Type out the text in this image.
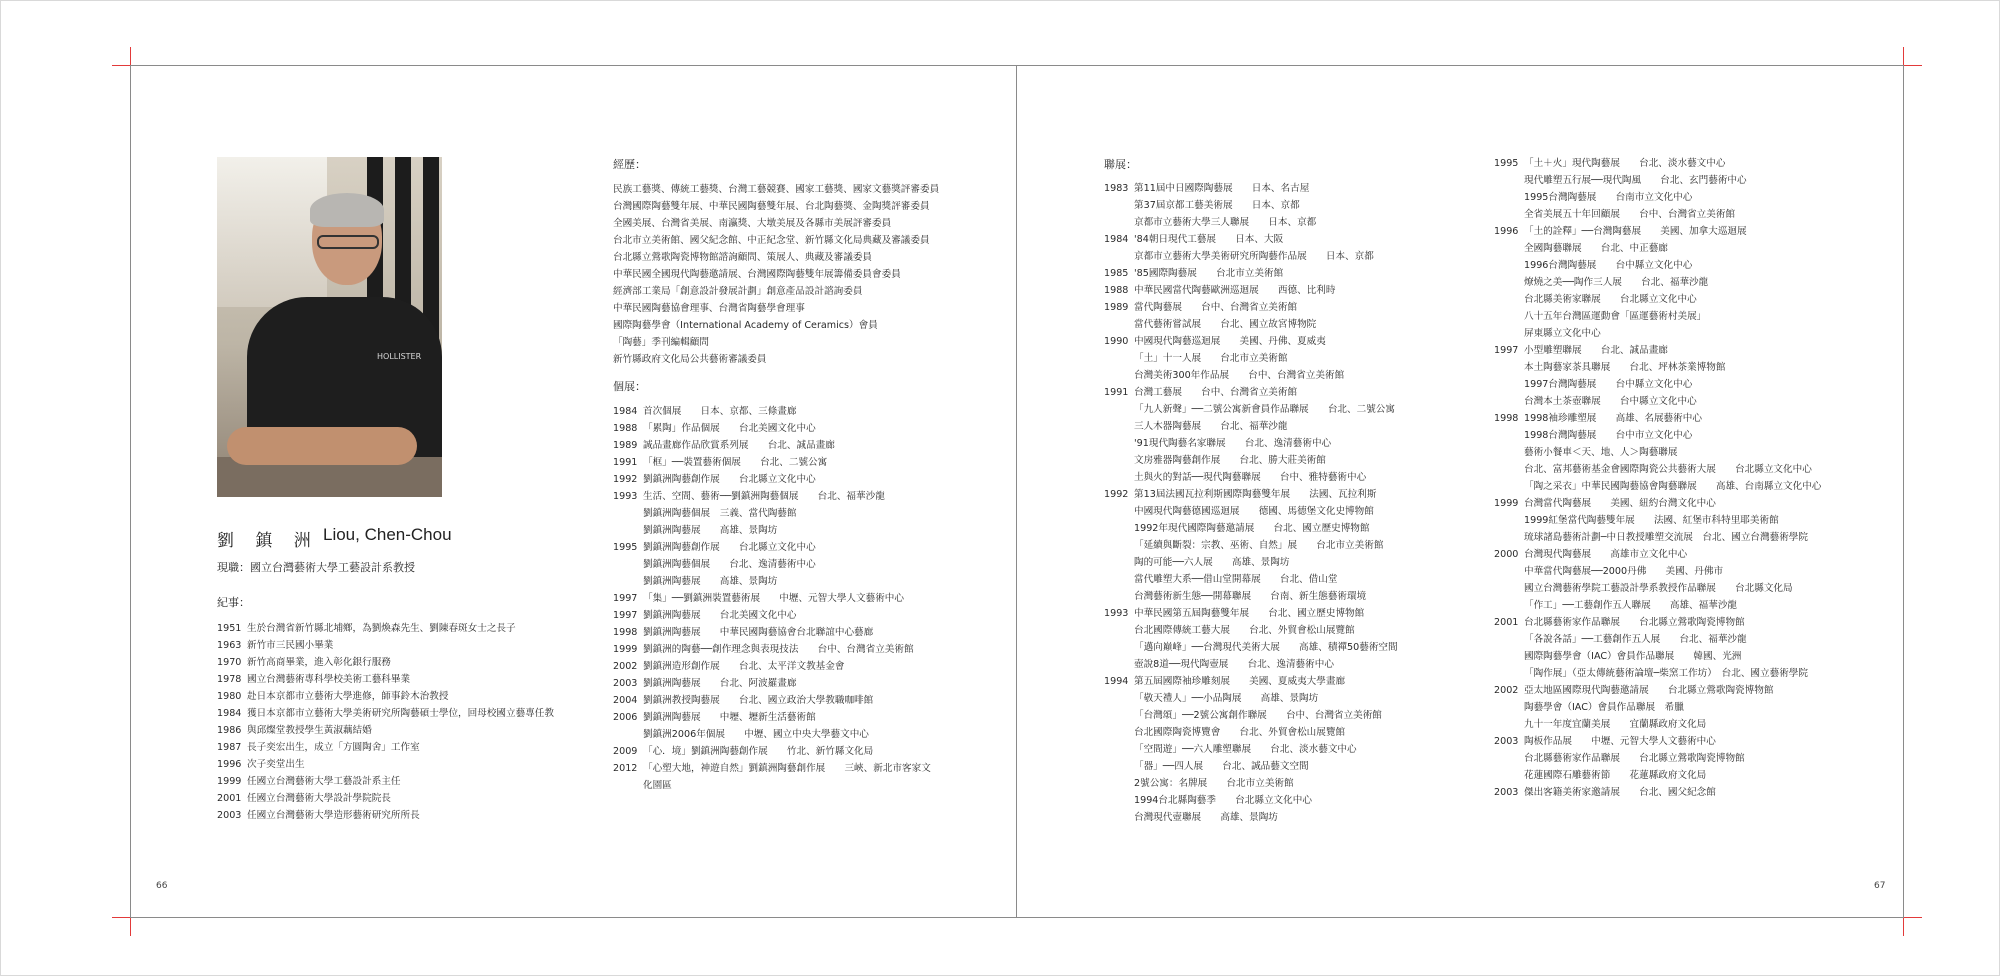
HOLLISTER
劉 鎮 洲 Liou, Chen-Chou
現職：國立台灣藝術大學工藝設計系教授
紀事：
1951 生於台灣省新竹縣北埔鄉，為劉煥森先生、劉陳春斑女士之長子
1963 新竹市三民國小畢業
1970 新竹高商畢業，進入彰化銀行服務
1978 國立台灣藝術專科學校美術工藝科畢業
1980 赴日本京都市立藝術大學進修，師事鈴木治教授
1984 獲日本京都市立藝術大學美術研究所陶藝碩士學位，回母校國立藝專任教
1986 與邱燦堂教授學生黃淑藕結婚
1987 長子奕宏出生，成立「方圓陶舍」工作室
1996 次子奕堂出生
1999 任國立台灣藝術大學工藝設計系主任
2001 任國立台灣藝術大學設計學院院長
2003 任國立台灣藝術大學造形藝術研究所所長
經歷：
民族工藝獎、傳統工藝獎、台灣工藝競賽、國家工藝獎、國家文藝獎評審委員
台灣國際陶藝雙年展、中華民國陶藝雙年展、台北陶藝獎、金陶獎評審委員
全國美展、台灣省美展、南瀛獎、大墩美展及各縣市美展評審委員
台北市立美術館、國父紀念館、中正紀念堂、新竹縣文化局典藏及審議委員
台北縣立鶯歌陶瓷博物館諮詢顧問、策展人、典藏及審議委員
中華民國全國現代陶藝邀請展、台灣國際陶藝雙年展籌備委員會委員
經濟部工業局「創意設計發展計劃」創意產品設計諮詢委員
中華民國陶藝協會理事、台灣省陶藝學會理事
國際陶藝學會（International Academy of Ceramics）會員
「陶藝」季刊編輯顧問
新竹縣政府文化局公共藝術審議委員
個展：
1984 首次個展　　日本、京都、三條畫廊
1988 「累陶」作品個展　　台北美國文化中心
1989 誠品畫廊作品欣賞系列展　　台北、誠品畫廊
1991 「框」──裝置藝術個展　　台北、二號公寓
1992 劉鎮洲陶藝創作展　　台北縣立文化中心
1993 生活、空間、藝術──劉鎮洲陶藝個展　　台北、福華沙龍
劉鎮洲陶藝個展　三義、當代陶藝館
劉鎮洲陶藝展　　高雄、景陶坊
1995 劉鎮洲陶藝創作展　　台北縣立文化中心
劉鎮洲陶藝個展　　台北、逸清藝術中心
劉鎮洲陶藝展　　高雄、景陶坊
1997 「集」──劉鎮洲裝置藝術展　　中壢、元智大學人文藝術中心
1997 劉鎮洲陶藝展　　台北美國文化中心
1998 劉鎮洲陶藝展　　中華民國陶藝協會台北聯誼中心藝廊
1999 劉鎮洲的陶藝──創作理念與表現技法　　台中、台灣省立美術館
2002 劉鎮洲造形創作展　　台北、太平洋文教基金會
2003 劉鎮洲陶藝展　　台北、阿波羅畫廊
2004 劉鎮洲教授陶藝展　　台北、國立政治大學教職咖啡館
2006 劉鎮洲陶藝展　　中壢、壢新生活藝術館
劉鎮洲2006年個展　　中壢、國立中央大學藝文中心
2009 「心．境」劉鎮洲陶藝創作展　　竹北、新竹縣文化局
2012 「心塑大地，神遊自然」劉鎮洲陶藝創作展　　三峽、新北市客家文
化園區
66
聯展：
1983 第11屆中日國際陶藝展　　日本、名古屋
第37屆京都工藝美術展　　日本、京都
京都市立藝術大學三人聯展　　日本、京都
1984 '84朝日現代工藝展　　日本、大阪
京都市立藝術大學美術研究所陶藝作品展　　日本、京都
1985 '85國際陶藝展　　台北市立美術館
1988 中華民國當代陶藝歐洲巡迴展　　西德、比利時
1989 當代陶藝展　　台中、台灣省立美術館
當代藝術嘗試展　　台北、國立故宮博物院
1990 中國現代陶藝巡迴展　　美國、丹佛、夏威夷
「土」十一人展　　台北市立美術館
台灣美術300年作品展　　台中、台灣省立美術館
1991 台灣工藝展　　台中、台灣省立美術館
「九人新聲」──二號公寓新會員作品聯展　　台北、二號公寓
三人木器陶藝展　　台北、福華沙龍
'91現代陶藝名家聯展　　台北、逸清藝術中心
文房雅器陶藝創作展　　台北、勝大莊美術館
土與火的對話──現代陶藝聯展　　台中、雅特藝術中心
1992 第13屆法國瓦拉利斯國際陶藝雙年展　　法國、瓦拉利斯
中國現代陶藝德國巡迴展　　德國、馬德堡文化史博物館
1992年現代國際陶藝邀請展　　台北、國立歷史博物館
「延續與斷裂：宗教、巫術、自然」展　　台北市立美術館
陶的可能──六人展　　高雄、景陶坊
當代雕塑大系──借山堂開幕展　　台北、借山堂
台灣藝術新生態──開幕聯展　　台南、新生態藝術環境
1993 中華民國第五屆陶藝雙年展　　台北、國立歷史博物館
台北國際傳統工藝大展　　台北、外貿會松山展覽館
「邁向巔峰」──台灣現代美術大展　　高雄、積禪50藝術空間
壺說8道──現代陶壺展　　台北、逸清藝術中心
1994 第五屆國際袖珍雕刻展　　美國、夏威夷大學畫廊
「敬天禮人」──小品陶展　　高雄、景陶坊
「台灣頌」──2號公寓創作聯展　　台中、台灣省立美術館
台北國際陶瓷博覽會　　台北、外貿會松山展覽館
「空間遊」──六人雕塑聯展　　台北、淡水藝文中心
「器」──四人展　　台北、誠品藝文空間
2號公寓：名牌展　　台北市立美術館
1994台北縣陶藝季　　台北縣立文化中心
台灣現代壺聯展　　高雄、景陶坊
1995 「土＋火」現代陶藝展　　台北、淡水藝文中心
現代雕塑五行展──現代陶風　　台北、玄門藝術中心
1995台灣陶藝展　　台南市立文化中心
全省美展五十年回顧展　　台中、台灣省立美術館
1996 「土的詮釋」──台灣陶藝展　　美國、加拿大巡迴展
全國陶藝聯展　　台北、中正藝廊
1996台灣陶藝展　　台中縣立文化中心
燎燒之美──陶作三人展　　台北、福華沙龍
台北縣美術家聯展　　台北縣立文化中心
八十五年台灣區運動會「區運藝術村美展」
屏東縣立文化中心
1997 小型雕塑聯展　　台北、誠品畫廊
本土陶藝家茶具聯展　　台北、坪林茶業博物館
1997台灣陶藝展　　台中縣立文化中心
台灣本土茶壺聯展　　台中縣立文化中心
1998 1998袖珍雕塑展　　高雄、名展藝術中心
1998台灣陶藝展　　台中市立文化中心
藝術小餐車＜天、地、人＞陶藝聯展
台北、富邦藝術基金會國際陶瓷公共藝術大展　　台北縣立文化中心
「陶之采衣」中華民國陶藝協會陶藝聯展　　高雄、台南縣立文化中心
1999 台灣當代陶藝展　　美國、紐約台灣文化中心
1999紅堡當代陶藝雙年展　　法國、紅堡市科特里耶美術館
琉球諸島藝術計劃─中日教授雕塑交流展　台北、國立台灣藝術學院
2000 台灣現代陶藝展　　高雄市立文化中心
中華當代陶藝展──2000丹佛　　美國、丹佛市
國立台灣藝術學院工藝設計學系教授作品聯展　　台北縣文化局
「作工」──工藝創作五人聯展　　高雄、福華沙龍
2001 台北縣藝術家作品聯展　　台北縣立鶯歌陶瓷博物館
「各說各話」──工藝創作五人展　　台北、福華沙龍
國際陶藝學會（IAC）會員作品聯展　　韓國、光洲
「陶作展」（亞太傳統藝術論壇─柴窯工作坊）　台北、國立藝術學院
2002 亞太地區國際現代陶藝邀請展　　台北縣立鶯歌陶瓷博物館
陶藝學會（IAC）會員作品聯展　希臘
九十一年度宜蘭美展　　宜蘭縣政府文化局
2003 陶板作品展　　中壢、元智大學人文藝術中心
台北縣藝術家作品聯展　　台北縣立鶯歌陶瓷博物館
花蓮國際石雕藝術節　　花蓮縣政府文化局
2003 傑出客籍美術家邀請展　　台北、國父紀念館
67
